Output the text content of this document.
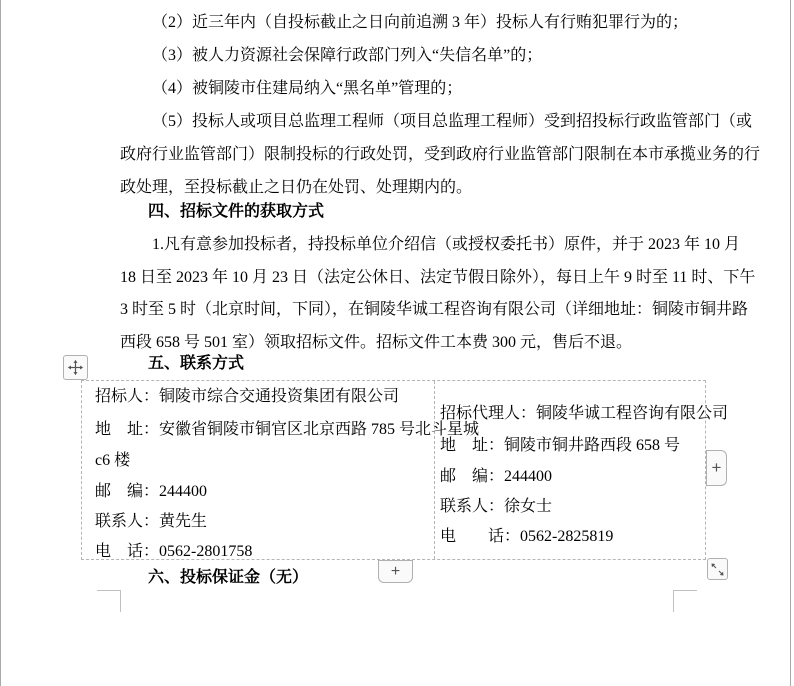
（2）近三年内（自投标截止之日向前追溯 3 年）投标人有行贿犯罪行为的；
（3）被人力资源社会保障行政部门列入“失信名单”的；
（4）被铜陵市住建局纳入“黑名单”管理的；
（5）投标人或项目总监理工程师（项目总监理工程师）受到招投标行政监管部门（或
政府行业监管部门）限制投标的行政处罚，受到政府行业监管部门限制在本市承揽业务的行
政处理，至投标截止之日仍在处罚、处理期内的。
四、招标文件的获取方式
1.凡有意参加投标者，持投标单位介绍信（或授权委托书）原件，并于 2023 年 10 月
18 日至 2023 年 10 月 23 日（法定公休日、法定节假日除外），每日上午 9 时至 11 时、下午
3 时至 5 时（北京时间，下同），在铜陵华诚工程咨询有限公司（详细地址：铜陵市铜井路
西段 658 号 501 室）领取招标文件。招标文件工本费 300 元，售后不退。
五、联系方式
招标人：铜陵市综合交通投资集团有限公司
地　址：安徽省铜陵市铜官区北京西路 785 号北斗星城
c6 楼
邮　编：244400
联系人：黄先生
电　话：0562-2801758
招标代理人：铜陵华诚工程咨询有限公司
地　址：铜陵市铜井路西段 658 号
邮　编：244400
联系人：徐女士
电　　话：0562-2825819
六、投标保证金（无）
+
+
